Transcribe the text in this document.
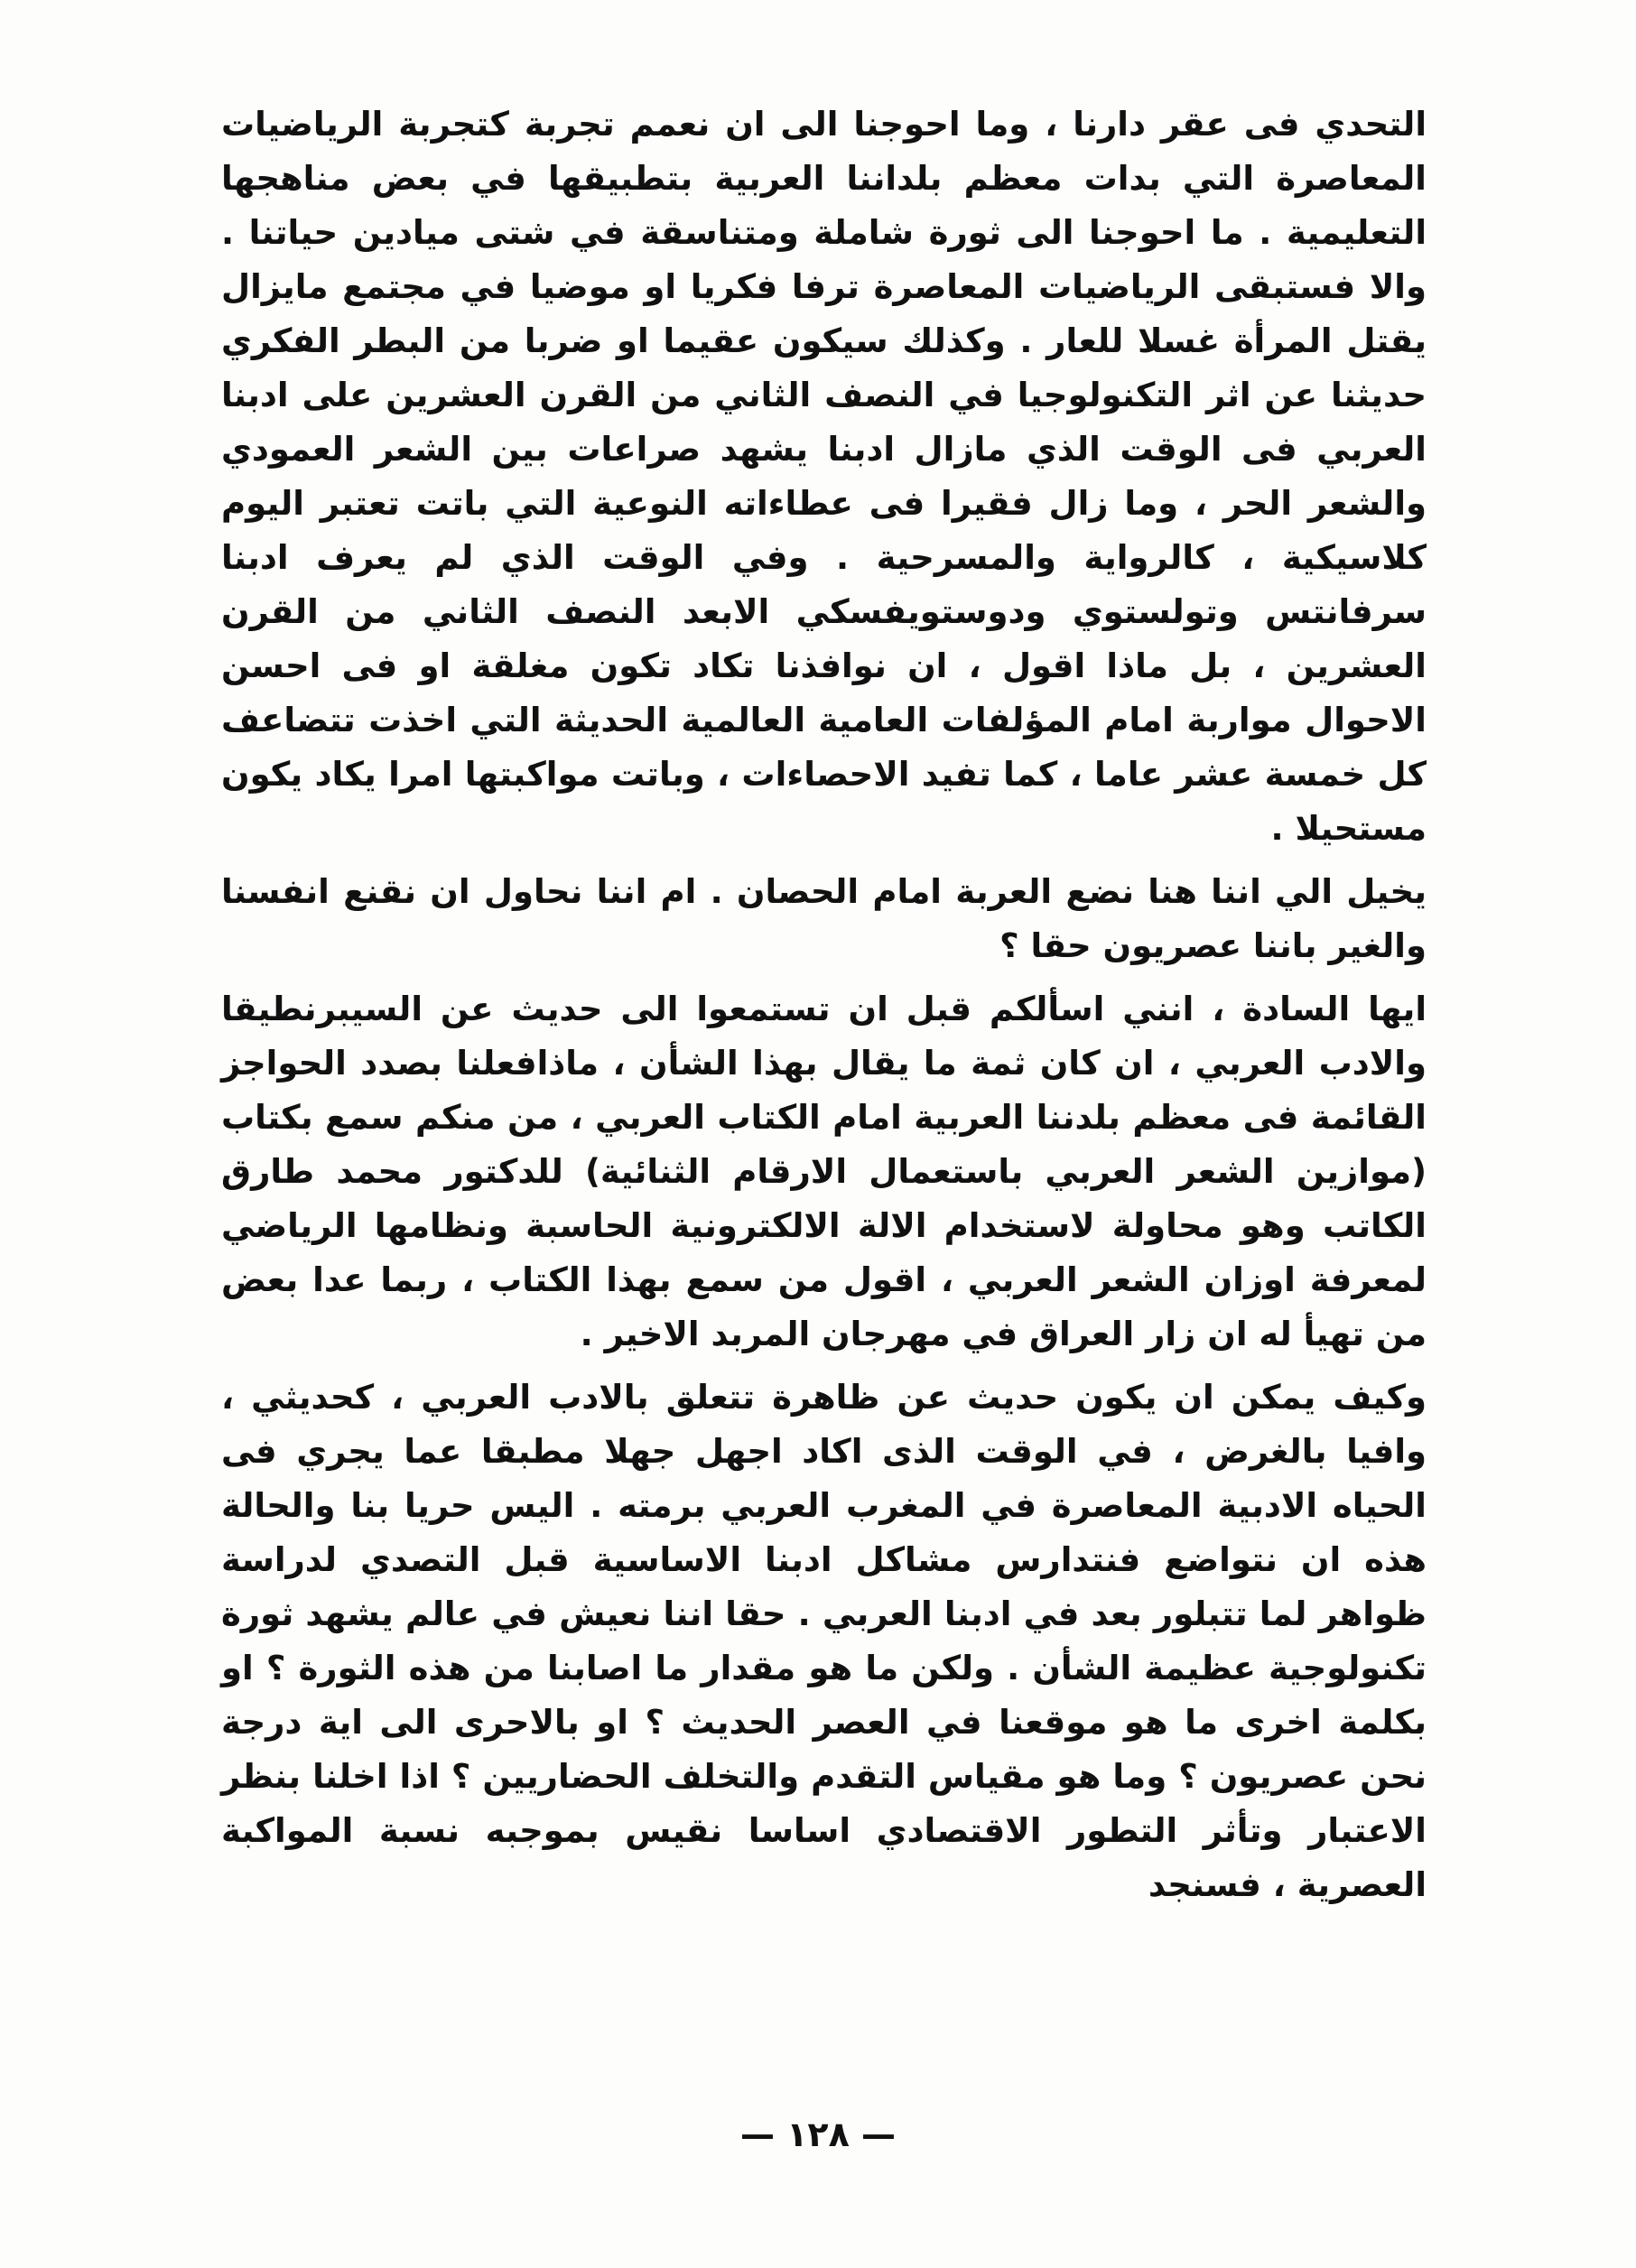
التحدي فى عقر دارنا ، وما احوجنا الى ان نعمم تجربة كتجربة الرياضيات المعاصرة التي بدات معظم بلداننا العربية بتطبيقها في بعض مناهجها التعليمية . ما احوجنا الى ثورة شاملة ومتناسقة في شتى ميادين حياتنا . والا فستبقى الرياضيات المعاصرة ترفا فكريا او موضيا في مجتمع مايزال يقتل المرأة غسلا للعار . وكذلك سيكون عقيما او ضربا من البطر الفكري حديثنا عن اثر التكنولوجيا في النصف الثاني من القرن العشرين على ادبنا العربي فى الوقت الذي مازال ادبنا يشهد صراعات بين الشعر العمودي والشعر الحر ، وما زال فقيرا فى عطاءاته النوعية التي باتت تعتبر اليوم كلاسيكية ، كالرواية والمسرحية . وفي الوقت الذي لم يعرف ادبنا سرفانتس وتولستوي ودوستويفسكي الابعد النصف الثاني من القرن العشرين ، بل ماذا اقول ، ان نوافذنا تكاد تكون مغلقة او فى احسن الاحوال مواربة امام المؤلفات العامية العالمية الحديثة التي اخذت تتضاعف كل خمسة عشر عاما ، كما تفيد الاحصاءات ، وباتت مواكبتها امرا يكاد يكون مستحيلا .

يخيل الي اننا هنا نضع العربة امام الحصان . ام اننا نحاول ان نقنع انفسنا والغير باننا عصريون حقا ؟

ايها السادة ، انني اسألكم قبل ان تستمعوا الى حديث عن السيبرنطيقا والادب العربي ، ان كان ثمة ما يقال بهذا الشأن ، ماذافعلنا بصدد الحواجز القائمة فى معظم بلدننا العربية امام الكتاب العربي ، من منكم سمع بكتاب (موازين الشعر العربي باستعمال الارقام الثنائية) للدكتور محمد طارق الكاتب وهو محاولة لاستخدام الالة الالكترونية الحاسبة ونظامها الرياضي لمعرفة اوزان الشعر العربي ، اقول من سمع بهذا الكتاب ، ربما عدا بعض من تهيأ له ان زار العراق في مهرجان المربد الاخير .

وكيف يمكن ان يكون حديث عن ظاهرة تتعلق بالادب العربي ، كحديثي ، وافيا بالغرض ، في الوقت الذى اكاد اجهل جهلا مطبقا عما يجري فى الحياه الادبية المعاصرة في المغرب العربي برمته . اليس حريا بنا والحالة هذه ان نتواضع فنتدارس مشاكل ادبنا الاساسية قبل التصدي لدراسة ظواهر لما تتبلور بعد في ادبنا العربي . حقا اننا نعيش في عالم يشهد ثورة تكنولوجية عظيمة الشأن . ولكن ما هو مقدار ما اصابنا من هذه الثورة ؟ او بكلمة اخرى ما هو موقعنا في العصر الحديث ؟ او بالاحرى الى اية درجة نحن عصريون ؟ وما هو مقياس التقدم والتخلف الحضاريين ؟ اذا اخلنا بنظر الاعتبار وتأثر التطور الاقتصادي اساسا نقيس بموجبه نسبة المواكبة العصرية ، فسنجد

— ١٢٨ —
